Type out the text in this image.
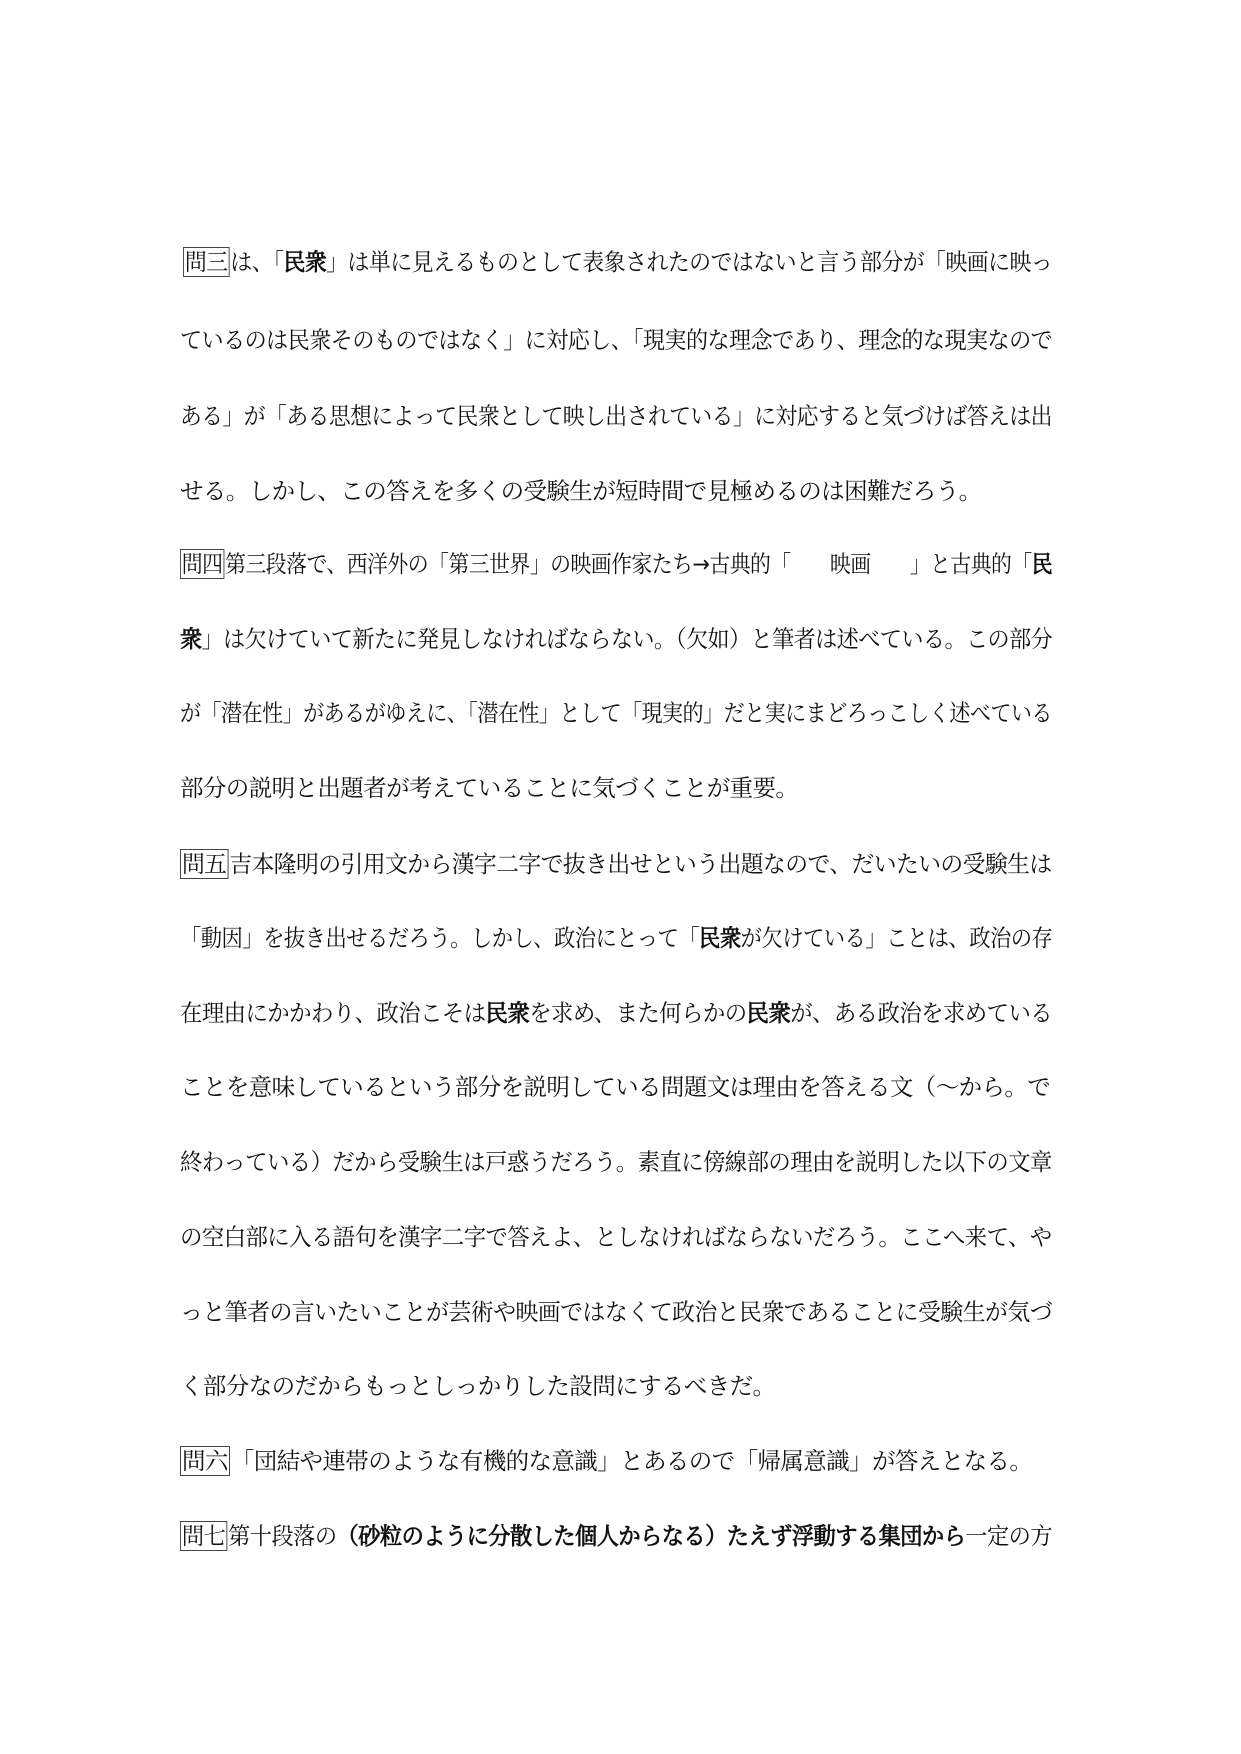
問三 は、「民衆」は単に見えるものとして表象されたのではないと言う部分が「映画に映っ
ているのは民衆そのものではなく」に対応し、「現実的な理念であり、理念的な現実なので
ある」が「ある思想によって民衆として映し出されている」に対応すると気づけば答えは出
せる。しかし、この答えを多くの受験生が短時間で見極めるのは困難だろう。
問四 第三段落で、西洋外の「第三世界」の映画作家たち→古典的「 映画 」と古典的「民
衆」は欠けていて新たに発見しなければならない。（欠如）と筆者は述べている。この部分
が「潜在性」があるがゆえに、「潜在性」として「現実的」だと実にまどろっこしく述べている
部分の説明と出題者が考えていることに気づくことが重要。
問五 吉本隆明の引用文から漢字二字で抜き出せという出題なので、だいたいの受験生は
「動因」を抜き出せるだろう。しかし、政治にとって「民衆が欠けている」ことは、政治の存
在理由にかかわり、政治こそは民衆を求め、また何らかの民衆が、ある政治を求めている
ことを意味しているという部分を説明している問題文は理由を答える文（～から。で
終わっている）だから受験生は戸惑うだろう。素直に傍線部の理由を説明した以下の文章
の空白部に入る語句を漢字二字で答えよ、としなければならないだろう。ここへ来て、や
っと筆者の言いたいことが芸術や映画ではなくて政治と民衆であることに受験生が気づ
く部分なのだからもっとしっかりした設問にするべきだ。
問六 「団結や連帯のような有機的な意識」とあるので「帰属意識」が答えとなる。
問七 第十段落の（砂粒のように分散した個人からなる）たえず浮動する集団から一定の方
